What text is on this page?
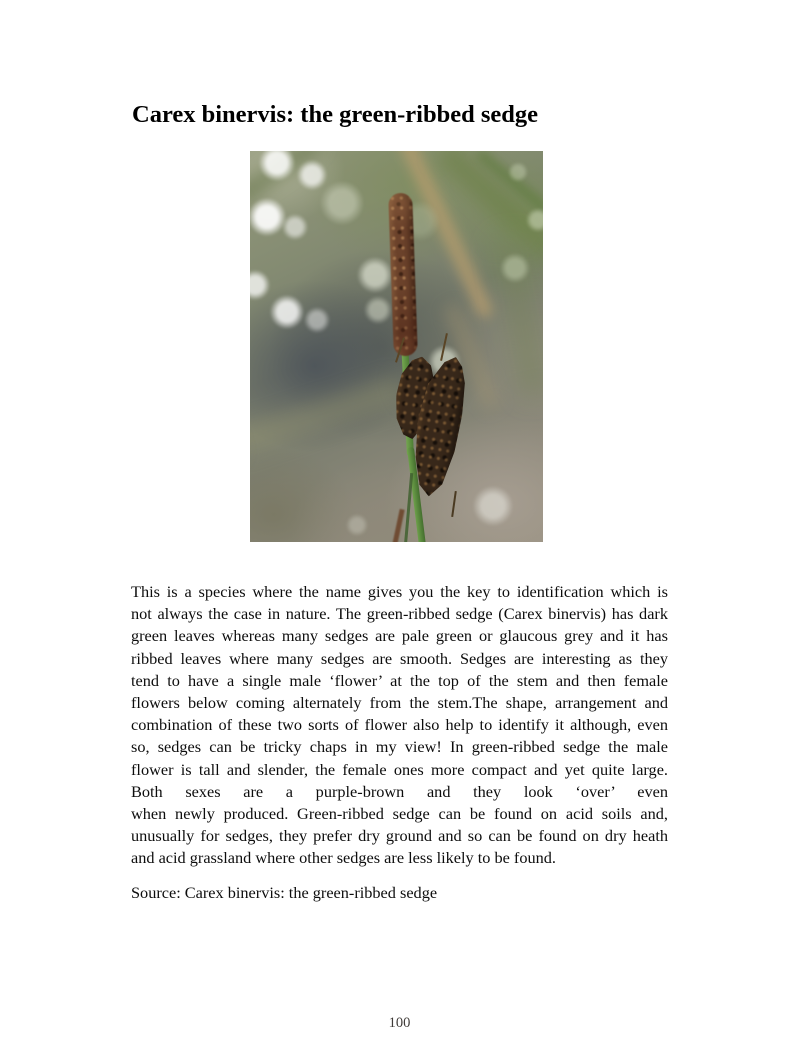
Carex binervis: the green-ribbed sedge
This is a species where the name gives you the key to identification which is
not always the case in nature. The green-ribbed sedge (Carex binervis) has dark
green leaves whereas many sedges are pale green or glaucous grey and it has
ribbed leaves where many sedges are smooth. Sedges are interesting as they
tend to have a single male ‘flower’ at the top of the stem and then female
flowers below coming alternately from the stem.The shape, arrangement and
combination of these two sorts of flower also help to identify it although, even
so, sedges can be tricky chaps in my view! In green-ribbed sedge the male
flower is tall and slender, the female ones more compact and yet quite large.
Both sexes are a purple-brown and they look ‘over’ even
when newly produced. Green-ribbed sedge can be found on acid soils and,
unusually for sedges, they prefer dry ground and so can be found on dry heath
and acid grassland where other sedges are less likely to be found.

Source: Carex binervis: the green-ribbed sedge

100
